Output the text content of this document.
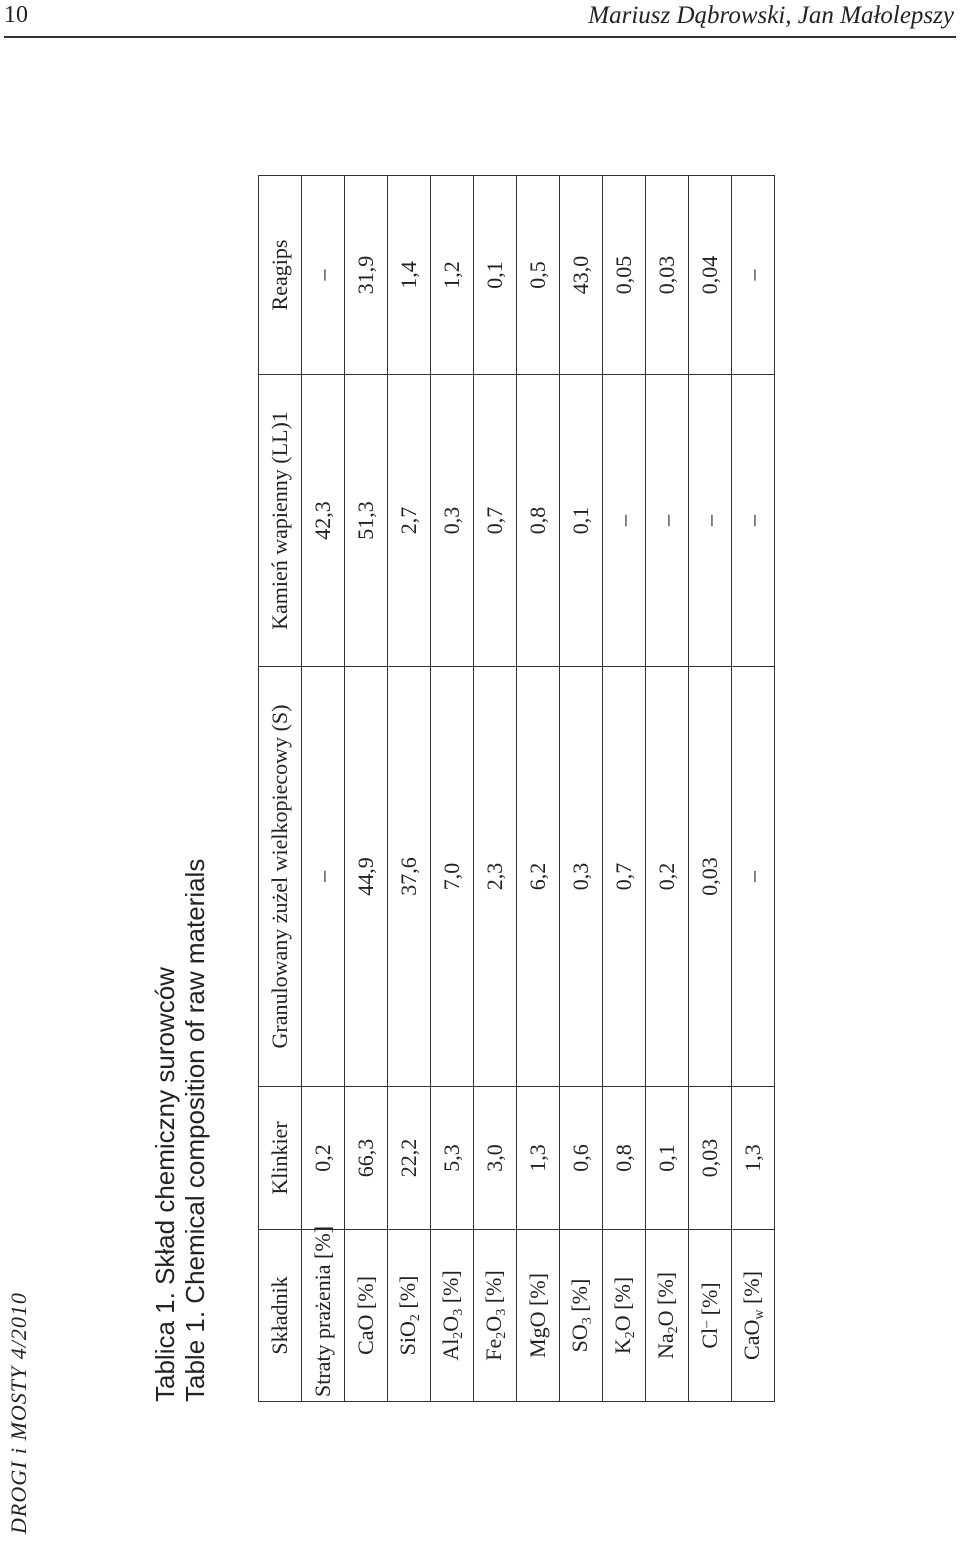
10	Mariusz Dąbrowski, Jan Małolepszy
DROGI i MOSTY 4/2010
Tablica 1. Skład chemiczny surowców Table 1. Chemical composition of raw materials	Składnik	Klinkier	Granulowany żużel wielkopiecowy (S)	Kamień wapienny (LL)1	Reagips
Straty prażenia [%]	0,2	–	42,3	–
CaO [%]	66,3	44,9	51,3	31,9
SiO$_2$ [%]	22,2	37,6	2,7	1,4
$Al_2O_3$ [%]	5,3	7,0	0,3	1,2
$Fe_2O_3$ [%]	3,0	2,3	0,7	0,1
MgO [%]	1,3	6,2	0,8	0,5
$SO_3$ [%]	0,6	0,3	0,1	43,0
$K_2O$ [%]	0,8	0,7	–	0,05
$Na_2O$ [%]	0,1	0,2	–	0,03
Cl– [%]	0,03	0,03	–	0,04
CaO$_w$ [%]	1,3	–	–	–
